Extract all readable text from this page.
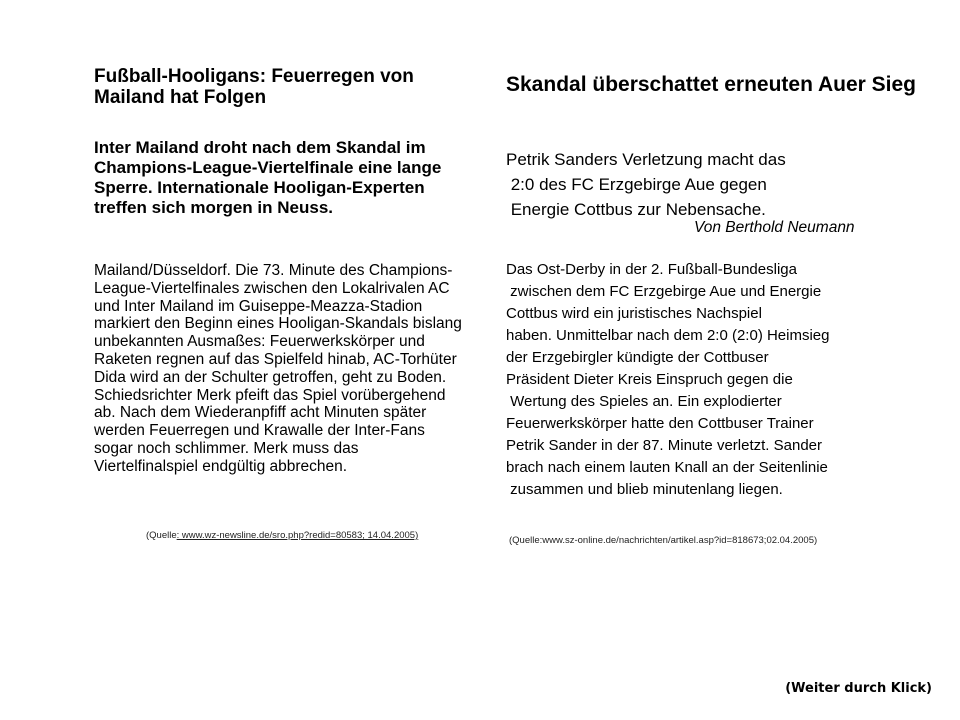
Fußball-Hooligans: Feuerregen von Mailand hat Folgen

Inter Mailand droht nach dem Skandal im Champions-League-Viertelfinale eine lange Sperre. Internationale Hooligan-Experten treffen sich morgen in Neuss.

Mailand/Düsseldorf. Die 73. Minute des Champions-League-Viertelfinales zwischen den Lokalrivalen AC und Inter Mailand im Guiseppe-Meazza-Stadion markiert den Beginn eines Hooligan-Skandals bislang unbekannten Ausmaßes: Feuerwerkskörper und Raketen regnen auf das Spielfeld hinab, AC-Torhüter Dida wird an der Schulter getroffen, geht zu Boden. Schiedsrichter Merk pfeift das Spiel vorübergehend ab. Nach dem Wiederanpfiff acht Minuten später werden Feuerregen und Krawalle der Inter-Fans sogar noch schlimmer. Merk muss das Viertelfinalspiel endgültig abbrechen.

(Quelle: www.wz-newsline.de/sro.php?redid=80583; 14.04.2005)

Skandal überschattet erneuten Auer Sieg
Petrik Sanders Verletzung macht das
2:0 des FC Erzgebirge Aue gegen
Energie Cottbus zur Nebensache.

Von Berthold Neumann

Das Ost-Derby in der 2. Fußball-Bundesliga
zwischen dem FC Erzgebirge Aue und Energie
Cottbus wird ein juristisches Nachspiel
haben. Unmittelbar nach dem 2:0 (2:0) Heimsieg
der Erzgebirgler kündigte der Cottbuser
Präsident Dieter Kreis Einspruch gegen die
Wertung des Spieles an. Ein explodierter
Feuerwerkskörper hatte den Cottbuser Trainer
Petrik Sander in der 87. Minute verletzt. Sander
brach nach einem lauten Knall an der Seitenlinie
zusammen und blieb minutenlang liegen.

(Quelle:www.sz-online.de/nachrichten/artikel.asp?id=818673;02.04.2005)

(Weiter durch Klick)
